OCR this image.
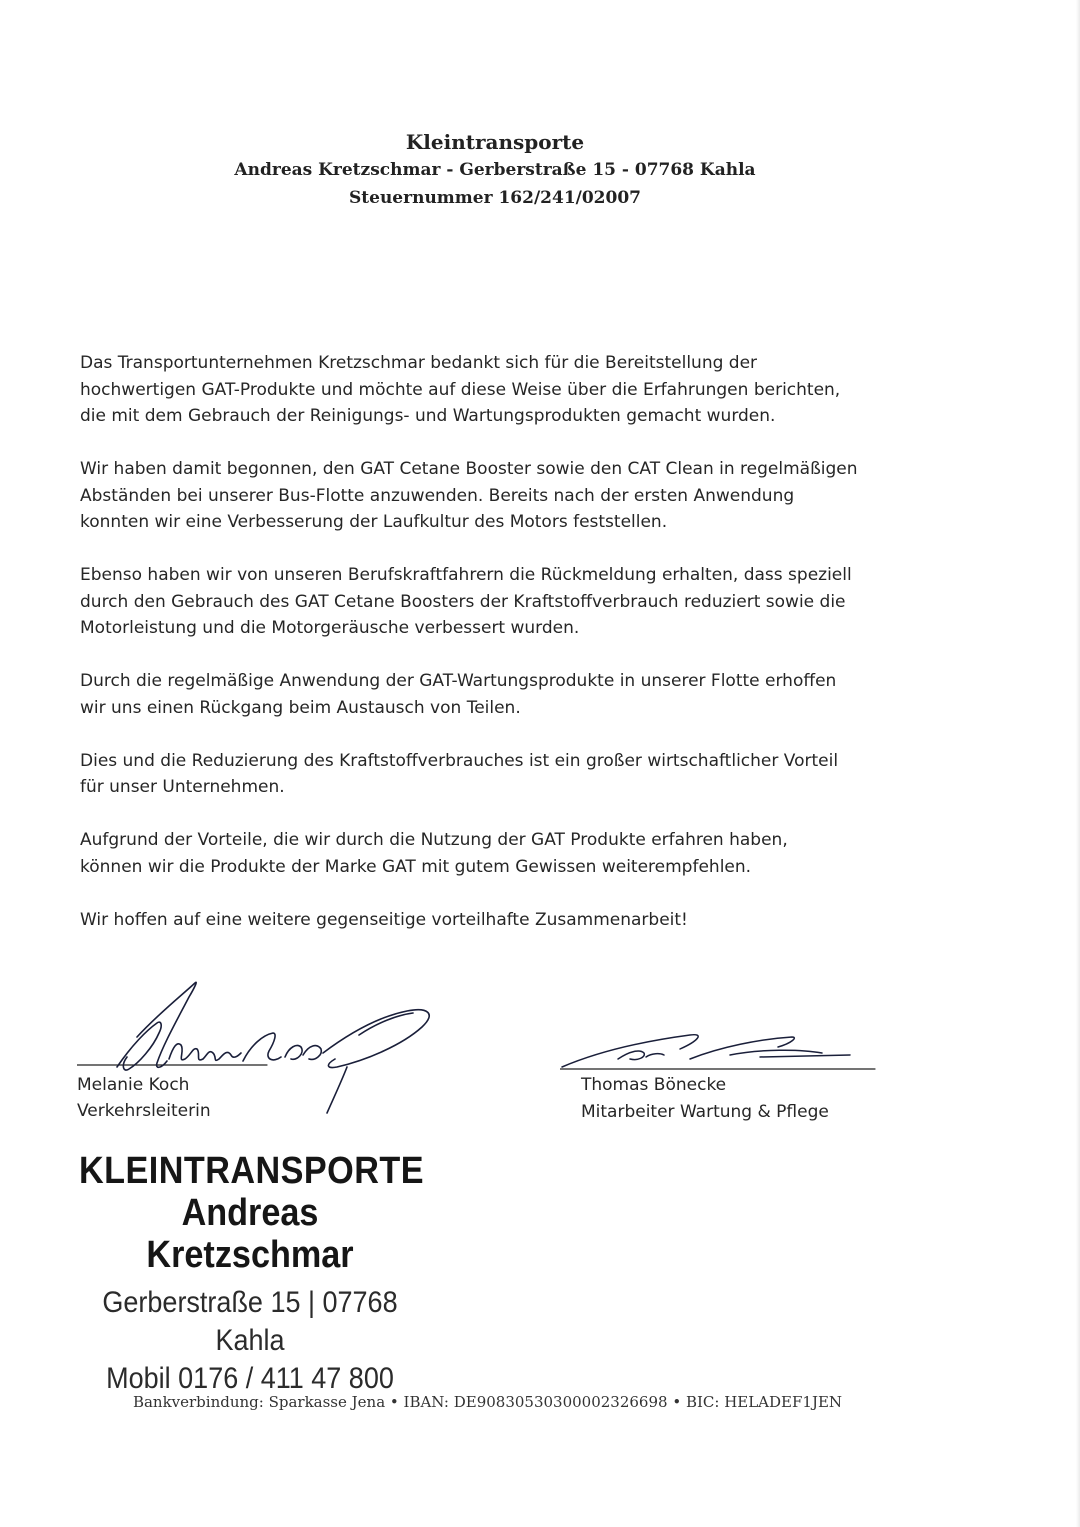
Kleintransporte
Andreas Kretzschmar - Gerberstraße 15 - 07768 Kahla
Steuernummer 162/241/02007

Das Transportunternehmen Kretzschmar bedankt sich für die Bereitstellung der
hochwertigen GAT-Produkte und möchte auf diese Weise über die Erfahrungen berichten,
die mit dem Gebrauch der Reinigungs- und Wartungsprodukten gemacht wurden.

Wir haben damit begonnen, den GAT Cetane Booster sowie den CAT Clean in regelmäßigen
Abständen bei unserer Bus-Flotte anzuwenden. Bereits nach der ersten Anwendung
konnten wir eine Verbesserung der Laufkultur des Motors feststellen.

Ebenso haben wir von unseren Berufskraftfahrern die Rückmeldung erhalten, dass speziell
durch den Gebrauch des GAT Cetane Boosters der Kraftstoffverbrauch reduziert sowie die
Motorleistung und die Motorgeräusche verbessert wurden.

Durch die regelmäßige Anwendung der GAT-Wartungsprodukte in unserer Flotte erhoffen
wir uns einen Rückgang beim Austausch von Teilen.

Dies und die Reduzierung des Kraftstoffverbrauches ist ein großer wirtschaftlicher Vorteil
für unser Unternehmen.

Aufgrund der Vorteile, die wir durch die Nutzung der GAT Produkte erfahren haben,
können wir die Produkte der Marke GAT mit gutem Gewissen weiterempfehlen.

Wir hoffen auf eine weitere gegenseitige vorteilhafte Zusammenarbeit!

Melanie Koch
Verkehrsleiterin
Thomas Bönecke
Mitarbeiter Wartung & Pflege
KLEINTRANSPORTE
Andreas Kretzschmar
Gerberstraße 15 | 07768 Kahla
Mobil 0176 / 411 47 800
Bankverbindung: Sparkasse Jena • IBAN: DE90830530300002326698 • BIC: HELADEF1JEN
